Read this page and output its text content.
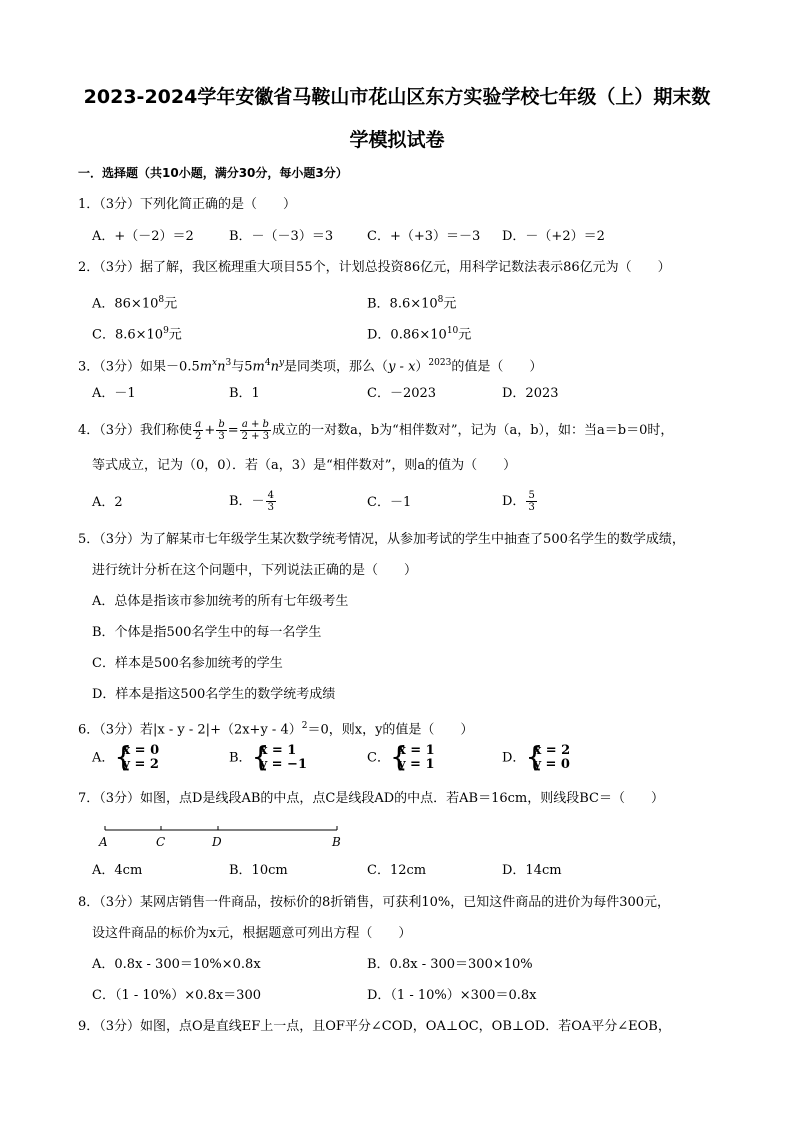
2023-2024学年安徽省马鞍山市花山区东方实验学校七年级（上）期末数
学模拟试卷
一．选择题（共10小题，满分30分，每小题3分）
1．（3分）下列化简正确的是（　　）
A．+（－2）＝2	B．－（－3）＝3	C．+（+3）＝－3 D．－（+2）＝2
2．（3分）据了解，我区梳理重大项目55个，计划总投资86亿元，用科学记数法表示86亿元为（　　）
A．$86\times 10^8$元	B．$8.6\times 10^8$元
C．$8.6\times 10^9$元	D．$0.86\times 10^{10}$元
3．（3分）如果$-0.5m^xn^3$与$5m^4n^y$是同类项，那么（y - x）$^{2023}$的值是（　　）
A．－1	B．1	C．－2023	D．2023
4．（3分）我们称使 $\frac{a}{2} + \frac{b}{3} = \frac{a + b}{2 + 3}$ 成立的一对数a，b为“相伴数对”，记为（a，b），如：当a＝b＝0时，
等式成立，记为（0，0）．若（a，3）是“相伴数对”，则a的值为（　　）
A．2	B．－ $\frac{4}{3}$	C．－1	D． $\frac{5}{3}$
5．（3分）为了解某市七年级学生某次数学统考情况，从参加考试的学生中抽查了500名学生的数学成绩，
进行统计分析在这个问题中，下列说法正确的是（　　）
A．总体是指该市参加统考的所有七年级考生
B．个体是指500名学生中的每一名学生
C．样本是500名参加统考的学生
D．样本是指这500名学生的数学统考成绩
6．（3分）若$|x - y - 2|+(2x+y - 4)^2=0$，则x，y的值是（　　）
A． {
x = 0
y = 2	B． {
x = 1
y = −1	C． {
x = 1
y = 1	D． {
x = 2
y = 0
7．（3分）如图，点D是线段AB的中点，点C是线段AD的中点．若AB＝16cm，则线段BC＝（　　）
A	C	D	B
A．4cm	B．10cm	C．12cm	D．14cm
8．（3分）某网店销售一件商品，按标价的8折销售，可获利10%，已知这件商品的进价为每件300元，
设这件商品的标价为x元，根据题意可列出方程（　　）
A．0.8x - 300＝10%×0.8x	B．0.8x - 300＝300×10%
C．（1 - 10%）×0.8x＝300	D．（1 - 10%）×300＝0.8x
9．（3分）如图，点O是直线EF上一点，且OF平分∠COD，OA⊥OC，OB⊥OD．若OA平分∠EOB，
